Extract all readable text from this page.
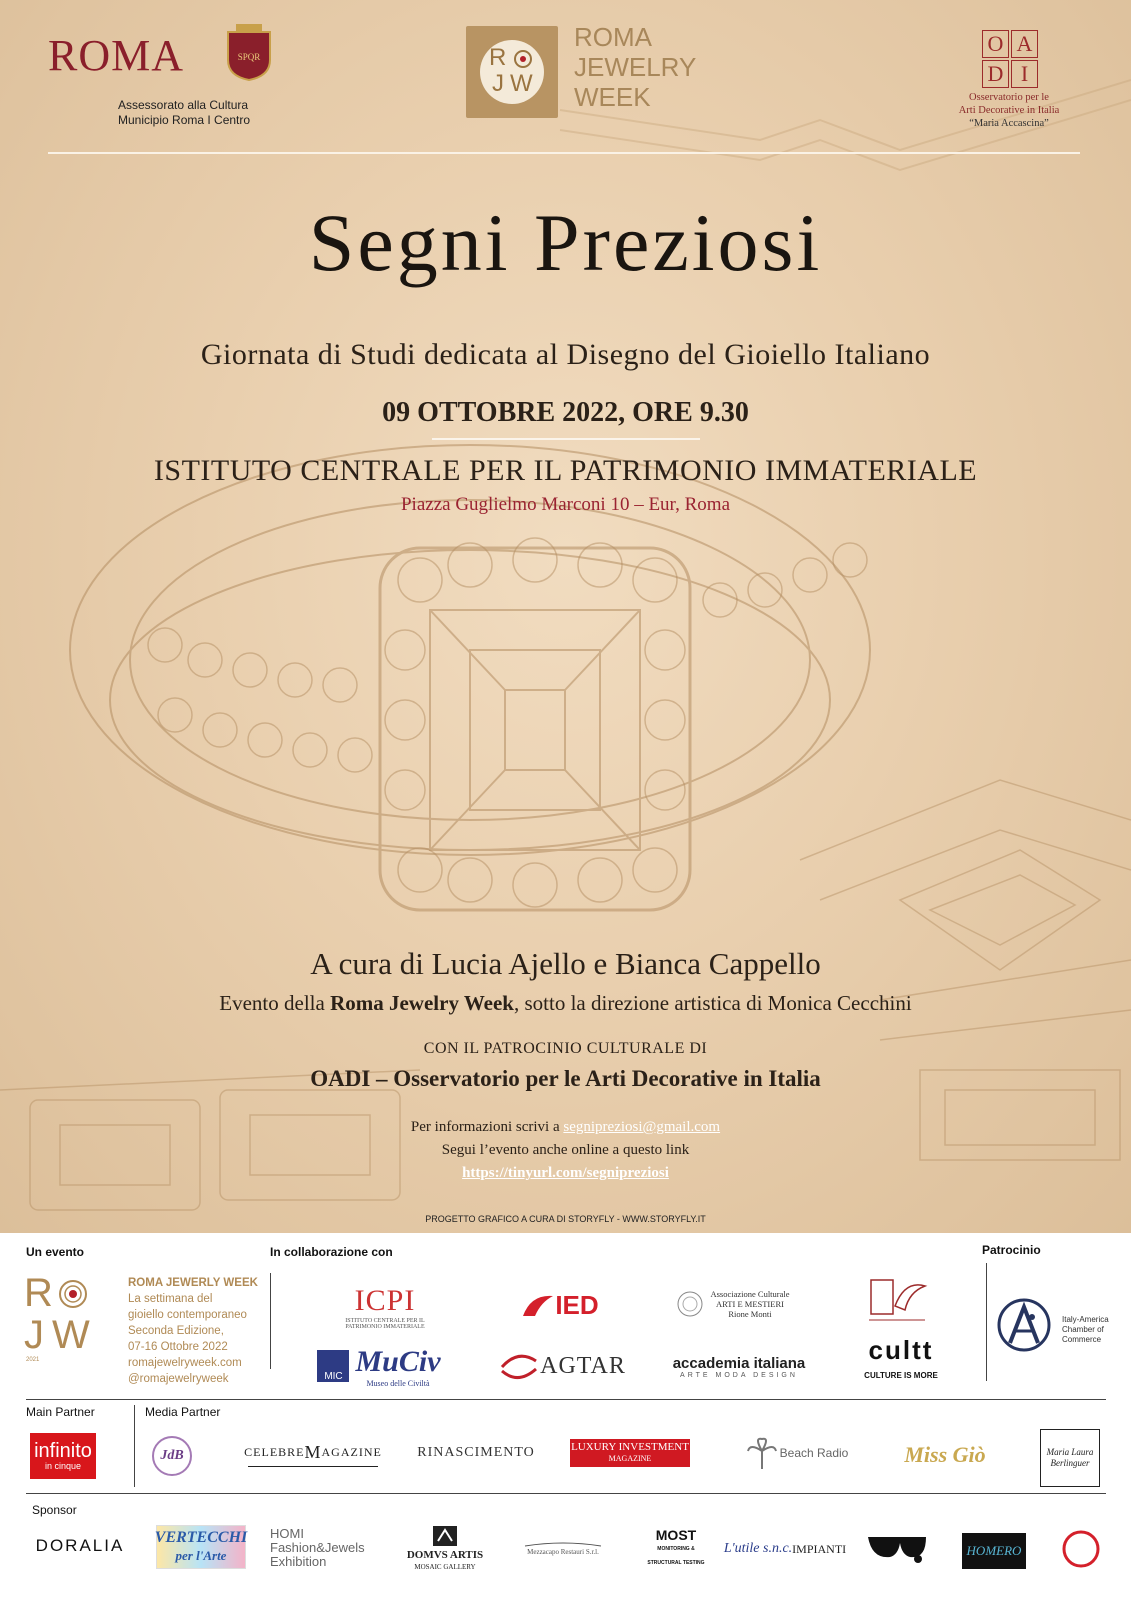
ROMA	SPQR
Assessorato alla Cultura
Municipio Roma I Centro
R
J W
ROMA
JEWELRY
WEEK
O A
D I
Osservatorio per le
Arti Decorative in Italia
“Maria Accascina”
Segni Preziosi
Giornata di Studi dedicata al Disegno del Gioiello Italiano
09 OTTOBRE 2022, ORE 9.30
ISTITUTO CENTRALE PER IL PATRIMONIO IMMATERIALE
Piazza Guglielmo Marconi 10 – Eur, Roma
A cura di Lucia Ajello e Bianca Cappello
Evento della Roma Jewelry Week, sotto la direzione artistica di Monica Cecchini
CON IL PATROCINIO CULTURALE DI
OADI – Osservatorio per le Arti Decorative in Italia
Per informazioni scrivi a segnipreziosi@gmail.com
Segui l’evento anche online a questo link
https://tinyurl.com/segnipreziosi
PROGETTO GRAFICO A CURA DI STORYFLY - WWW.STORYFLY.IT
Un evento	In collaborazione con	Patrocinio
R
J W
2021
ROMA JEWERLY WEEK
La settimana del
gioiello contemporaneo
Seconda Edizione,
07-16 Ottobre 2022
romajewelryweek.com
@romajewelryweek
ICPI
ISTITUTO CENTRALE PER IL PATRIMONIO IMMATERIALE
IED	Associazione Culturale
ARTI E MESTIERI
Rione Monti
MIC MuCiv
Museo delle Civiltà
AGTAR	accademia italiana
ARTE MODA DESIGN
cultt
CULTURE IS MORE
Italy-America
Chamber of
Commerce
Main Partner	Media Partner
infinito
in cinque
JdB	CELEBRE M AGAZINE	RINASCIMENTO	LUXURY INVESTMENT
MAGAZINE	Beach Radio	Miss Giò	Maria Laura
Berlinguer
Sponsor
DORALIA	VERTECCHI
per l'Arte
HOMI
Fashion&Jewels
Exhibition	DOMVS ARTIS
MOSAIC GALLERY
Mezzacapo Restauri S.r.l.
MOST
MONITORING & STRUCTURAL TESTING
L'utile s.n.c. IMPIANTI	HOMERO
